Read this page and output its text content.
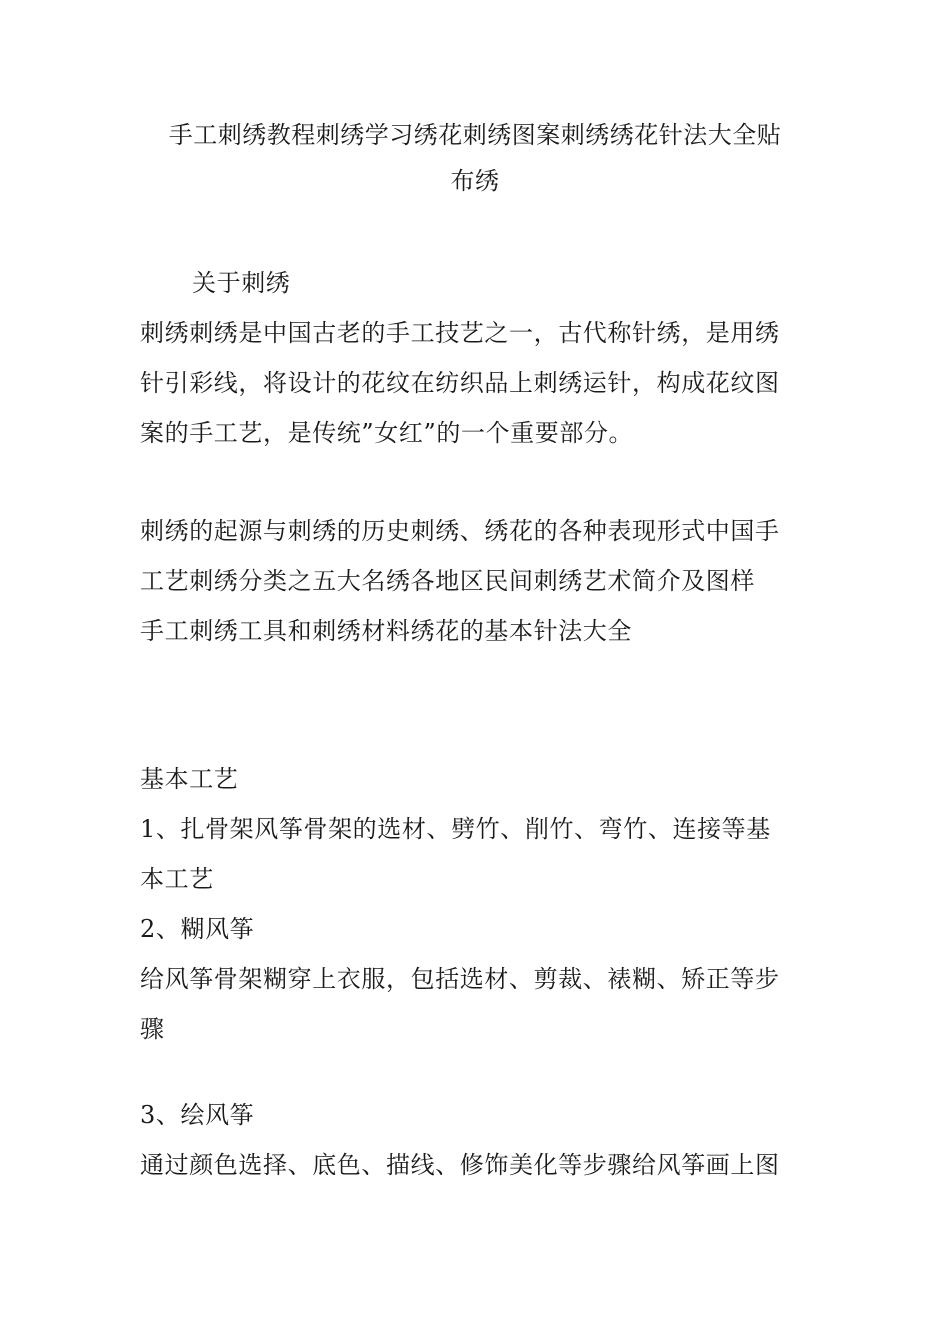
手工刺绣教程刺绣学习绣花刺绣图案刺绣绣花针法大全贴
布绣
关于刺绣
刺绣刺绣是中国古老的手工技艺之一，古代称针绣，是用绣
针引彩线，将设计的花纹在纺织品上刺绣运针，构成花纹图
案的手工艺，是传统”女红”的一个重要部分。
刺绣的起源与刺绣的历史刺绣、绣花的各种表现形式中国手
工艺刺绣分类之五大名绣各地区民间刺绣艺术简介及图样
手工刺绣工具和刺绣材料绣花的基本针法大全
基本工艺
1、扎骨架风筝骨架的选材、劈竹、削竹、弯竹、连接等基
本工艺
2、糊风筝
给风筝骨架糊穿上衣服，包括选材、剪裁、裱糊、矫正等步
骤
3、绘风筝
通过颜色选择、底色、描线、修饰美化等步骤给风筝画上图
